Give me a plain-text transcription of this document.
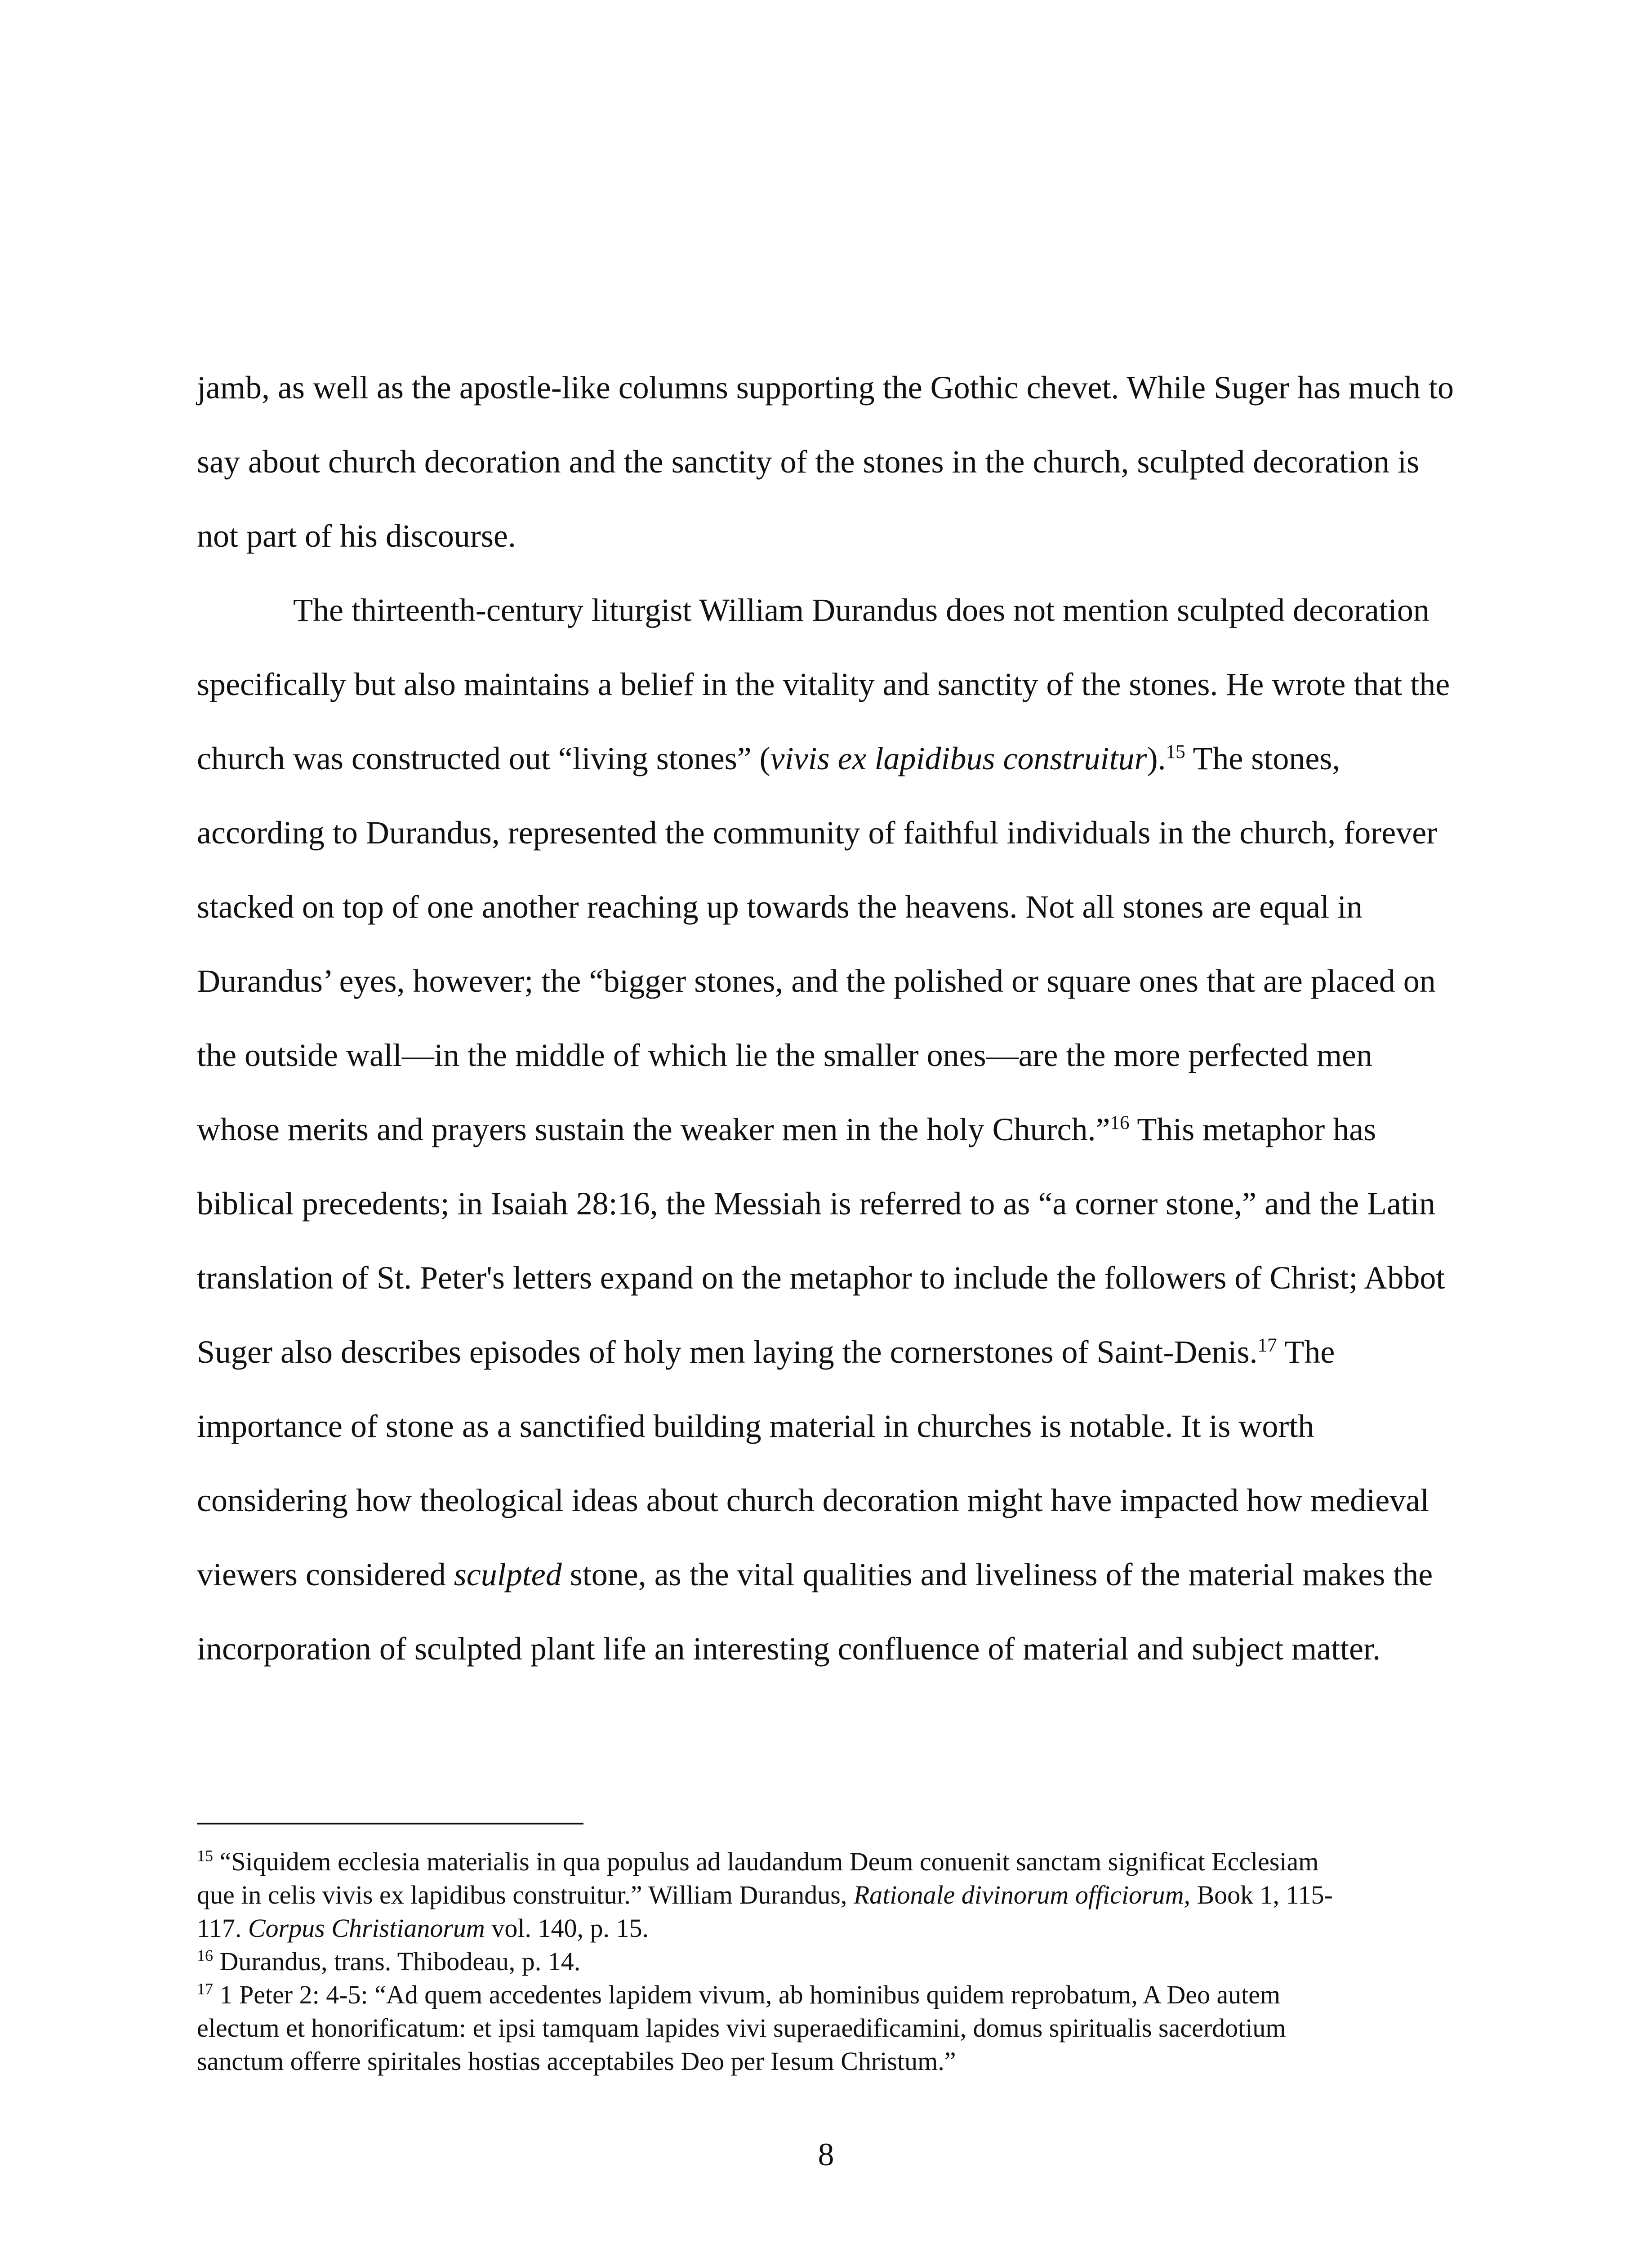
jamb, as well as the apostle-like columns supporting the Gothic chevet. While Suger has much to

say about church decoration and the sanctity of the stones in the church, sculpted decoration is

not part of his discourse.

The thirteenth-century liturgist William Durandus does not mention sculpted decoration

specifically but also maintains a belief in the vitality and sanctity of the stones. He wrote that the

church was constructed out “living stones” (vivis ex lapidibus construitur).$^{15}$ The stones,

according to Durandus, represented the community of faithful individuals in the church, forever

stacked on top of one another reaching up towards the heavens. Not all stones are equal in

Durandus’ eyes, however; the “bigger stones, and the polished or square ones that are placed on

the outside wall—in the middle of which lie the smaller ones—are the more perfected men

whose merits and prayers sustain the weaker men in the holy Church.”$^{16}$ This metaphor has

biblical precedents; in Isaiah 28:16, the Messiah is referred to as “a corner stone,” and the Latin

translation of St. Peter's letters expand on the metaphor to include the followers of Christ; Abbot

Suger also describes episodes of holy men laying the cornerstones of Saint-Denis.$^{17}$ The

importance of stone as a sanctified building material in churches is notable. It is worth

considering how theological ideas about church decoration might have impacted how medieval

viewers considered sculpted stone, as the vital qualities and liveliness of the material makes the

incorporation of sculpted plant life an interesting confluence of material and subject matter.

$^{15}$ “Siquidem ecclesia materialis in qua populus ad laudandum Deum conuenit sanctam significat Ecclesiam

que in celis vivis ex lapidibus construitur.” William Durandus, Rationale divinorum officiorum, Book 1, 115-

117. Corpus Christianorum vol. 140, p. 15.

$^{16}$ Durandus, trans. Thibodeau, p. 14.

$^{17}$ 1 Peter 2: 4-5: “Ad quem accedentes lapidem vivum, ab hominibus quidem reprobatum, A Deo autem

electum et honorificatum: et ipsi tamquam lapides vivi superaedificamini, domus spiritualis sacerdotium

sanctum offerre spiritales hostias acceptabiles Deo per Iesum Christum.”

8
